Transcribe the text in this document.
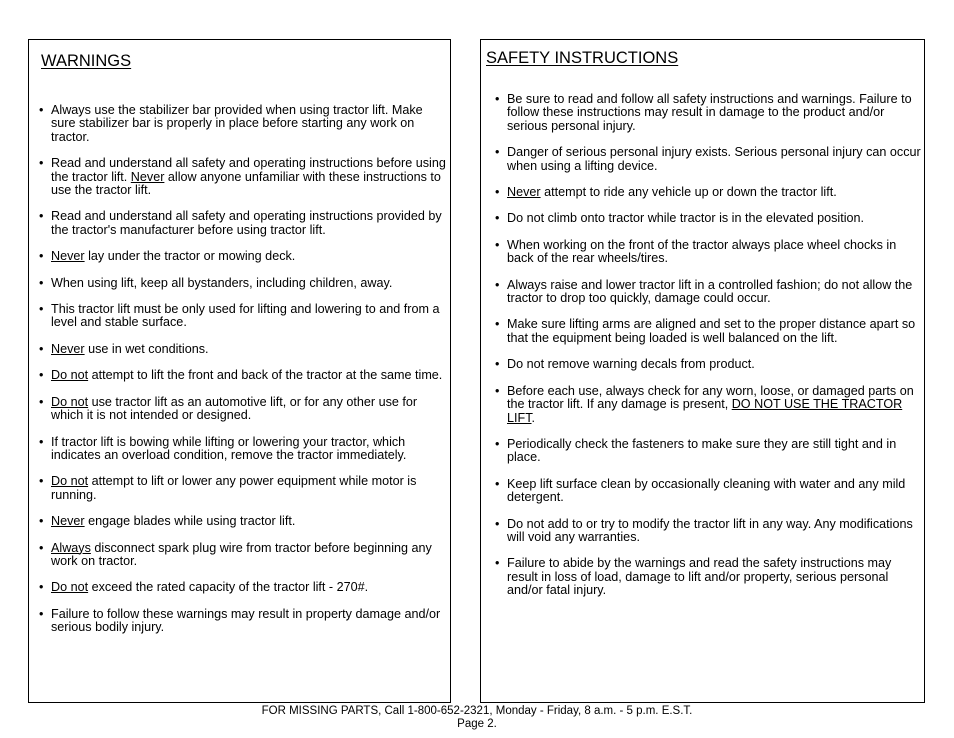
WARNINGS
• Always use the stabilizer bar provided when using tractor lift. Make sure stabilizer bar is properly in place before starting any work on tractor.
• Read and understand all safety and operating instructions before using the tractor lift. Never allow anyone unfamiliar with these instructions to use the tractor lift.
• Read and understand all safety and operating instructions provided by the tractor's manufacturer before using tractor lift.
• Never lay under the tractor or mowing deck.
• When using lift, keep all bystanders, including children, away.
• This tractor lift must be only used for lifting and lowering to and from a level and stable surface.
• Never use in wet conditions.
• Do not attempt to lift the front and back of the tractor at the same time.
• Do not use tractor lift as an automotive lift, or for any other use for which it is not intended or designed.
• If tractor lift is bowing while lifting or lowering your tractor, which indicates an overload condition, remove the tractor immediately.
• Do not attempt to lift or lower any power equipment while motor is running.
• Never engage blades while using tractor lift.
• Always disconnect spark plug wire from tractor before beginning any work on tractor.
• Do not exceed the rated capacity of the tractor lift - 270#.
• Failure to follow these warnings may result in property damage and/or serious bodily injury.
SAFETY INSTRUCTIONS
• Be sure to read and follow all safety instructions and warnings. Failure to follow these instructions may result in damage to the product and/or serious personal injury.
• Danger of serious personal injury exists. Serious personal injury can occur when using a lifting device.
• Never attempt to ride any vehicle up or down the tractor lift.
• Do not climb onto tractor while tractor is in the elevated position.
• When working on the front of the tractor always place wheel chocks in back of the rear wheels/tires.
• Always raise and lower tractor lift in a controlled fashion; do not allow the tractor to drop too quickly, damage could occur.
• Make sure lifting arms are aligned and set to the proper distance apart so that the equipment being loaded is well balanced on the lift.
• Do not remove warning decals from product.
• Before each use, always check for any worn, loose, or damaged parts on the tractor lift. If any damage is present, DO NOT USE THE TRACTOR LIFT.
• Periodically check the fasteners to make sure they are still tight and in place.
• Keep lift surface clean by occasionally cleaning with water and any mild detergent.
• Do not add to or try to modify the tractor lift in any way. Any modifications will void any warranties.
• Failure to abide by the warnings and read the safety instructions may result in loss of load, damage to lift and/or property, serious personal and/or fatal injury.
FOR MISSING PARTS, Call 1-800-652-2321, Monday - Friday, 8 a.m. - 5 p.m. E.S.T.
Page 2.
